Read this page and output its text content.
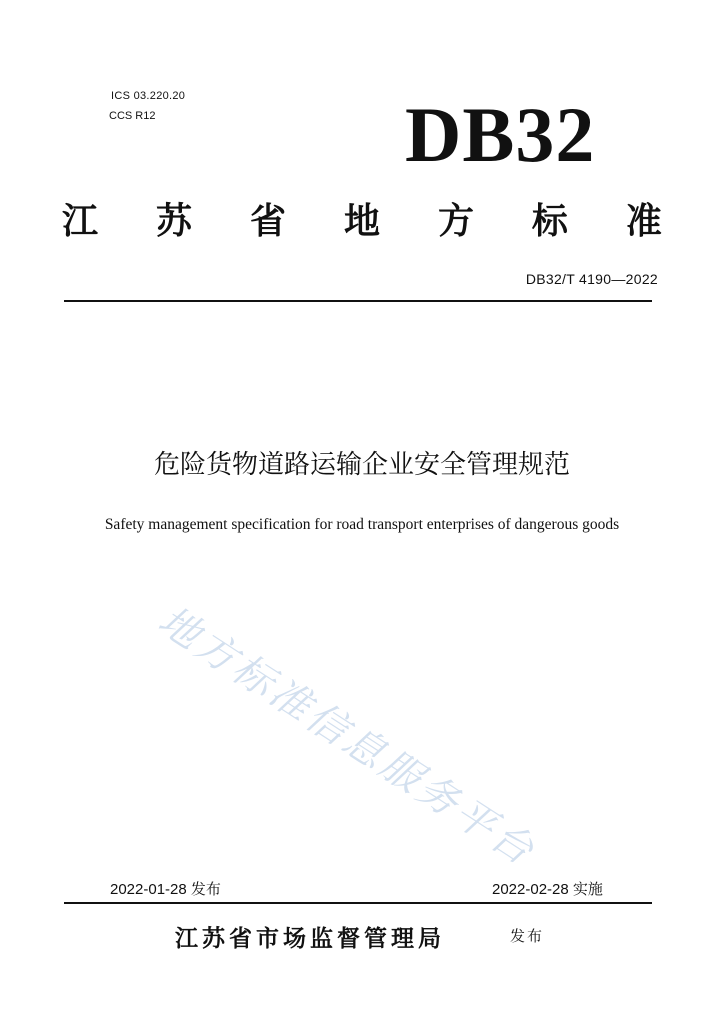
ICS 03.220.20
CCS R12	DB32
江 苏 省 地 方 标 准
DB32/T 4190—2022
危险货物道路运输企业安全管理规范
Safety management specification for road transport enterprises of dangerous goods
地方标准信息服务平台
2022-01-28 发布	2022-02-28 实施
江苏省市场监督管理局	发布
